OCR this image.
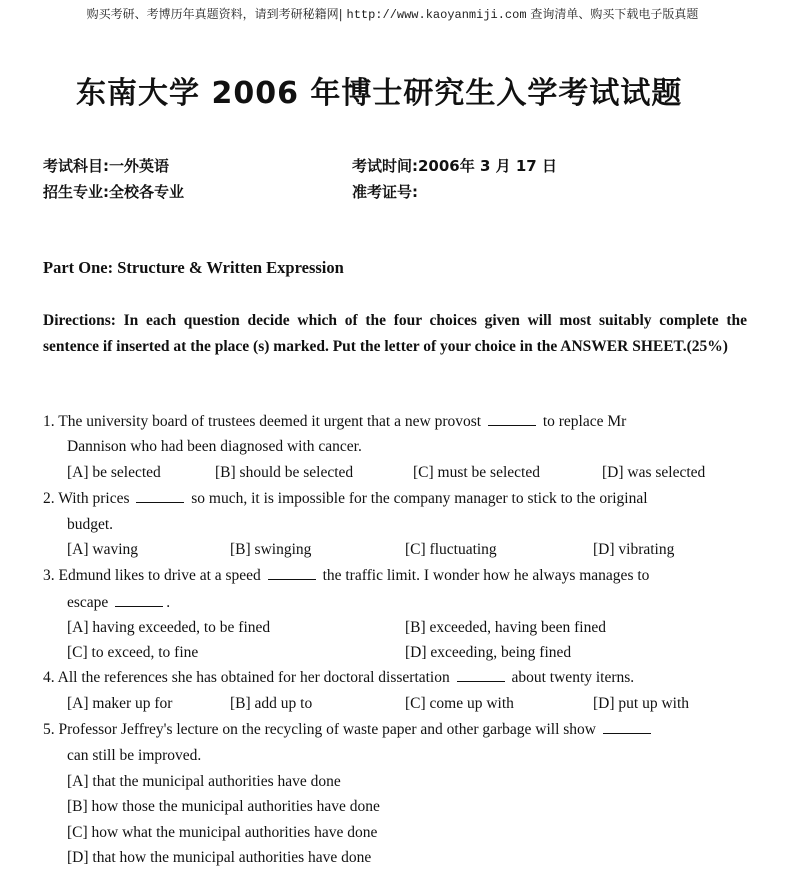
购买考研、考博历年真题资料，请到考研秘籍网| http://www.kaoyanmiji.com 查询清单、购买下载电子版真题
东南大学 2006 年博士研究生入学考试试题
考试科目:一外英语
招生专业:全校各专业
考试时间:2006年 3 月 17 日
准考证号:
Part One: Structure & Written Expression
Directions: In each question decide which of the four choices given will most suitably complete the sentence if inserted at the place (s) marked. Put the letter of your choice in the ANSWER SHEET.(25%)
1. The university board of trustees deemed it urgent that a new provost	to replace Mr
Dannison who had been diagnosed with cancer.
[A] be selected	[B] should be selected	[C] must be selected	[D] was selected
2. With prices	so much, it is impossible for the company manager to stick to the original
budget.
[A] waving	[B] swinging	[C] fluctuating	[D] vibrating
3. Edmund likes to drive at a speed	the traffic limit. I wonder how he always manages to
escape	.
[A] having exceeded, to be fined	[B] exceeded, having been fined
[C] to exceed, to fine	[D] exceeding, being fined
4. All the references she has obtained for her doctoral dissertation	about twenty iterns.
[A] maker up for	[B] add up to	[C] come up with	[D] put up with
5. Professor Jeffrey's lecture on the recycling of waste paper and other garbage will show
can still be improved.
[A] that the municipal authorities have done
[B] how those the municipal authorities have done
[C] how what the municipal authorities have done
[D] that how the municipal authorities have done
